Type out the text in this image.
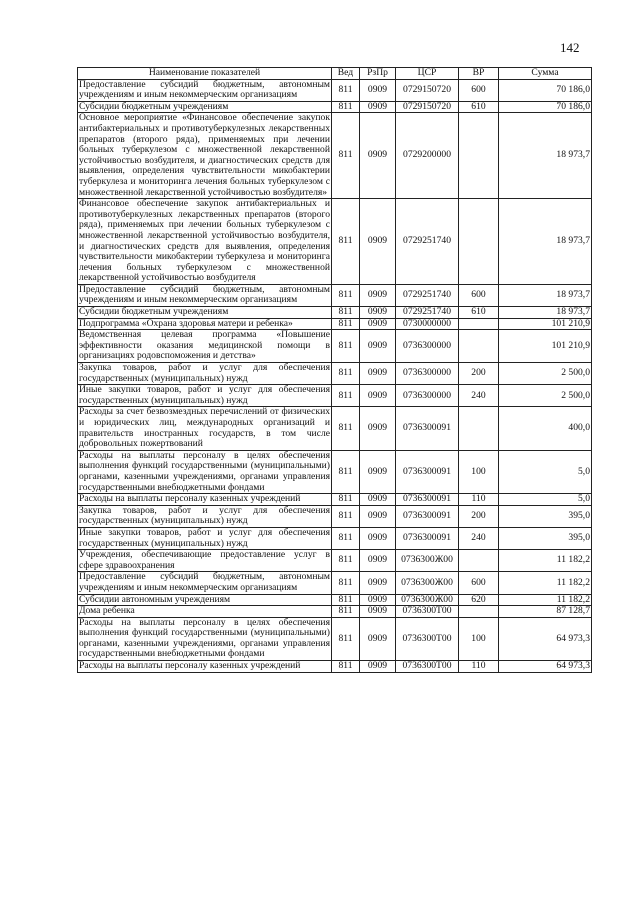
142
Наименование показателей	Вед	РзПр	ЦСР	ВР	Сумма
Предоставление субсидий бюджетным, автономным учреждениям и иным некоммерческим организациям	811	0909	0729150720	600	70 186,0
Субсидии бюджетным учреждениям	811	0909	0729150720	610	70 186,0
Основное мероприятие «Финансовое обеспечение закупок антибактериальных и противотуберкулезных лекарственных препаратов (второго ряда), применяемых при лечении больных туберкулезом с множественной лекарственной устойчивостью возбудителя, и диагностических средств для выявления, определения чувствительности микобактерии туберкулеза и мониторинга лечения больных туберкулезом с множественной лекарственной устойчивостью возбудителя»	811	0909	0729200000		18 973,7
Финансовое обеспечение закупок антибактериальных и противотуберкулезных лекарственных препаратов (второго ряда), применяемых при лечении больных туберкулезом с множественной лекарственной устойчивостью возбудителя, и диагностических средств для выявления, определения чувствительности микобактерии туберкулеза и мониторинга лечения больных туберкулезом с множественной лекарственной устойчивостью возбудителя	811	0909	0729251740		18 973,7
Предоставление субсидий бюджетным, автономным учреждениям и иным некоммерческим организациям	811	0909	0729251740	600	18 973,7
Субсидии бюджетным учреждениям	811	0909	0729251740	610	18 973,7
Подпрограмма «Охрана здоровья матери и ребенка»	811	0909	0730000000		101 210,9
Ведомственная целевая программа «Повышение эффективности оказания медицинской помощи в организациях родовспоможения и детства»	811	0909	0736300000		101 210,9
Закупка товаров, работ и услуг для обеспечения государственных (муниципальных) нужд	811	0909	0736300000	200	2 500,0
Иные закупки товаров, работ и услуг для обеспечения государственных (муниципальных) нужд	811	0909	0736300000	240	2 500,0
Расходы за счет безвозмездных перечислений от физических и юридических лиц, международных организаций и правительств иностранных государств, в том числе добровольных пожертвований	811	0909	0736300091		400,0
Расходы на выплаты персоналу в целях обеспечения выполнения функций государственными (муниципальными) органами, казенными учреждениями, органами управления государственными внебюджетными фондами	811	0909	0736300091	100	5,0
Расходы на выплаты персоналу казенных учреждений	811	0909	0736300091	110	5,0
Закупка товаров, работ и услуг для обеспечения государственных (муниципальных) нужд	811	0909	0736300091	200	395,0
Иные закупки товаров, работ и услуг для обеспечения государственных (муниципальных) нужд	811	0909	0736300091	240	395,0
Учреждения, обеспечивающие предоставление услуг в сфере здравоохранения	811	0909	0736300Ж00		11 182,2
Предоставление субсидий бюджетным, автономным учреждениям и иным некоммерческим организациям	811	0909	0736300Ж00	600	11 182,2
Субсидии автономным учреждениям	811	0909	0736300Ж00	620	11 182,2
Дома ребенка	811	0909	0736300Т00		87 128,7
Расходы на выплаты персоналу в целях обеспечения выполнения функций государственными (муниципальными) органами, казенными учреждениями, органами управления государственными внебюджетными фондами	811	0909	0736300Т00	100	64 973,3
Расходы на выплаты персоналу казенных учреждений	811	0909	0736300Т00	110	64 973,3
